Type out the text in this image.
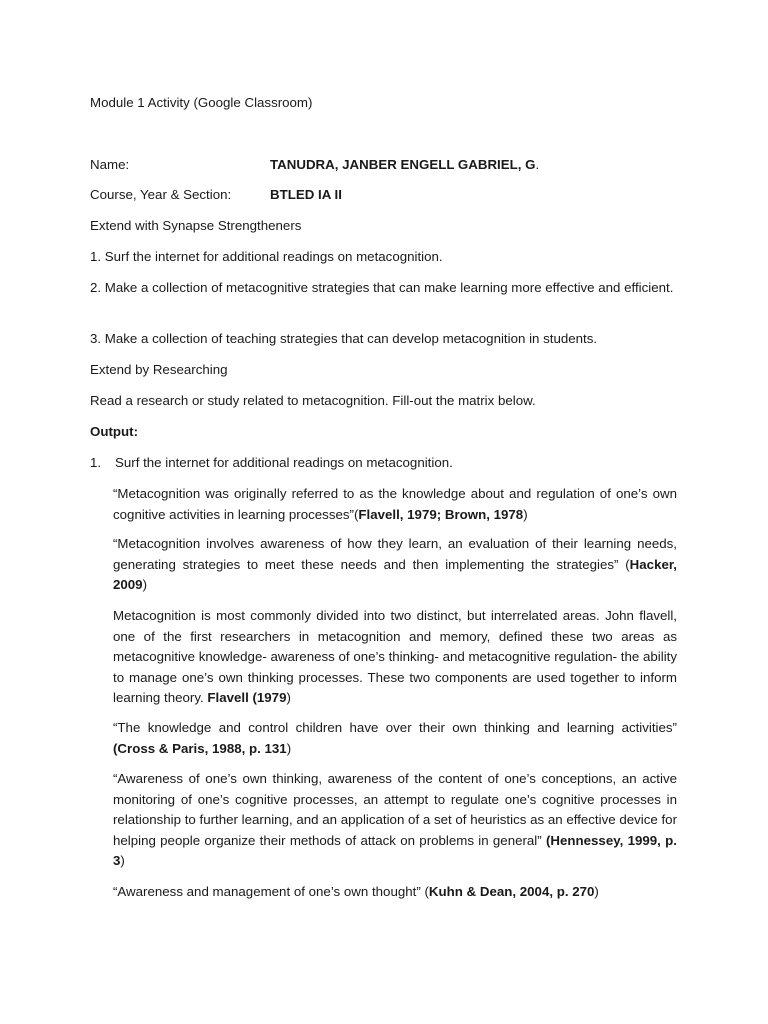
Module 1 Activity (Google Classroom)
Name:	TANUDRA, JANBER ENGELL GABRIEL, G.
Course, Year & Section:	BTLED IA II
Extend with Synapse Strengtheners
1. Surf the internet for additional readings on metacognition.
2. Make a collection of metacognitive strategies that can make learning more effective and efficient.
3. Make a collection of teaching strategies that can develop metacognition in students.
Extend by Researching
Read a research or study related to metacognition. Fill-out the matrix below.
Output:
1. Surf the internet for additional readings on metacognition.
“Metacognition was originally referred to as the knowledge about and regulation of one’s own cognitive activities in learning processes”(Flavell, 1979; Brown, 1978)
“Metacognition involves awareness of how they learn, an evaluation of their learning needs, generating strategies to meet these needs and then implementing the strategies” (Hacker, 2009)
Metacognition is most commonly divided into two distinct, but interrelated areas. John flavell, one of the first researchers in metacognition and memory, defined these two areas as metacognitive knowledge- awareness of one’s thinking- and metacognitive regulation- the ability to manage one’s own thinking processes. These two components are used together to inform learning theory. Flavell (1979)
“The knowledge and control children have over their own thinking and learning activities” (Cross & Paris, 1988, p. 131)
“Awareness of one’s own thinking, awareness of the content of one’s conceptions, an active monitoring of one’s cognitive processes, an attempt to regulate one’s cognitive processes in relationship to further learning, and an application of a set of heuristics as an effective device for helping people organize their methods of attack on problems in general” (Hennessey, 1999, p. 3)
“Awareness and management of one’s own thought” (Kuhn & Dean, 2004, p. 270)
